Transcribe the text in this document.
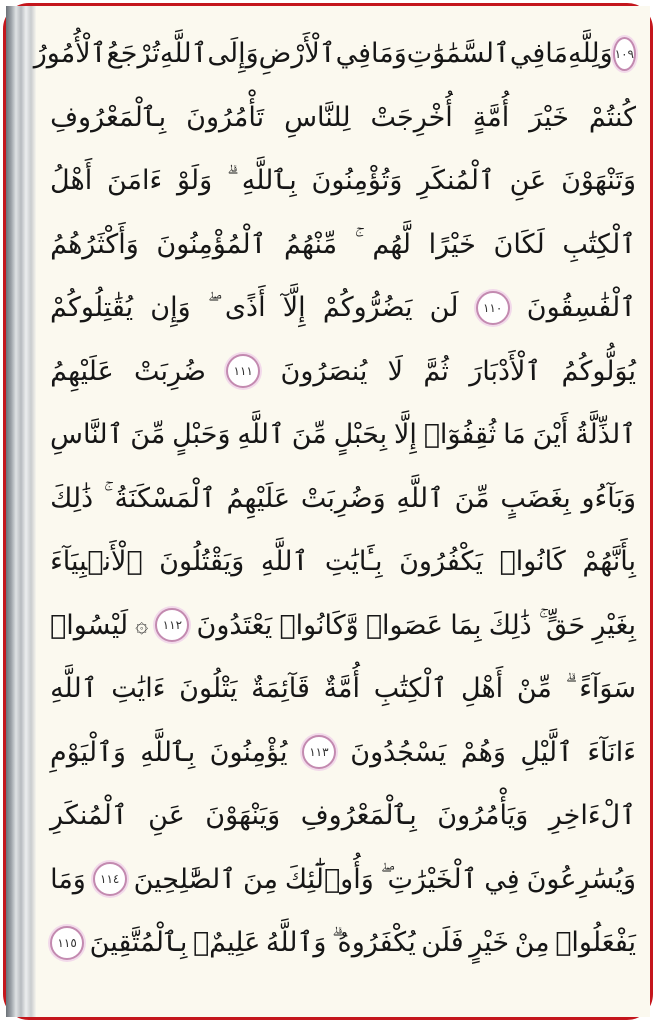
١٠٩
وَلِلَّهِ
مَا
فِي
ٱلسَّمَٰوَٰتِ
وَمَا
فِي
ٱلْأَرْضِ
وَإِلَى
ٱللَّهِ
تُرْجَعُ
ٱلْأُمُورُ
كُنتُمْ
خَيْرَ
أُمَّةٍ
أُخْرِجَتْ
لِلنَّاسِ
تَأْمُرُونَ
بِٱلْمَعْرُوفِ
وَتَنْهَوْنَ
عَنِ
ٱلْمُنكَرِ
وَتُؤْمِنُونَ
بِٱللَّهِ
وَلَوْ
ءَامَنَ
أَهْلُ
ٱلْكِتَٰبِ
لَكَانَ
خَيْرًا
لَّهُم
مِّنْهُمُ
ٱلْمُؤْمِنُونَ
وَأَكْثَرُهُمُ
ٱلْفَٰسِقُونَ
١١٠
لَن
يَضُرُّوكُمْ
إِلَّآ
أَذًى
وَإِن
يُقَٰتِلُوكُمْ
يُوَلُّوكُمُ
ٱلْأَدْبَارَ
ثُمَّ
لَا
يُنصَرُونَ
١١١
ضُرِبَتْ
عَلَيْهِمُ
ٱلذِّلَّةُ
أَيْنَ
مَا
ثُقِفُوٓا۟
إِلَّا
بِحَبْلٍ
مِّنَ
ٱللَّهِ
وَحَبْلٍ
مِّنَ
ٱلنَّاسِ
وَبَآءُو
بِغَضَبٍ
مِّنَ
ٱللَّهِ
وَضُرِبَتْ
عَلَيْهِمُ
ٱلْمَسْكَنَةُ
ذَٰلِكَ
بِأَنَّهُمْ
كَانُوا۟
يَكْفُرُونَ
بِـَٔايَٰتِ
ٱللَّهِ
وَيَقْتُلُونَ
ٱلْأَنۢبِيَآءَ
بِغَيْرِ
حَقٍّ
ذَٰلِكَ
بِمَا
عَصَوا۟
وَّكَانُوا۟
يَعْتَدُونَ
١١٢
۞
لَيْسُوا۟
سَوَآءً
مِّنْ
أَهْلِ
ٱلْكِتَٰبِ
أُمَّةٌ
قَآئِمَةٌ
يَتْلُونَ
ءَايَٰتِ
ٱللَّهِ
ءَانَآءَ
ٱلَّيْلِ
وَهُمْ
يَسْجُدُونَ
١١٣
يُؤْمِنُونَ
بِٱللَّهِ
وَٱلْيَوْمِ
ٱلْءَاخِرِ
وَيَأْمُرُونَ
بِٱلْمَعْرُوفِ
وَيَنْهَوْنَ
عَنِ
ٱلْمُنكَرِ
وَيُسَٰرِعُونَ
فِي
ٱلْخَيْرَٰتِ
وَأُو۟لَٰٓئِكَ
مِنَ
ٱلصَّٰلِحِينَ
١١٤
وَمَا
يَفْعَلُوا۟
مِنْ
خَيْرٍ
فَلَن
يُكْفَرُوهُ
وَٱللَّهُ
عَلِيمٌۢ
بِٱلْمُتَّقِينَ
١١٥
